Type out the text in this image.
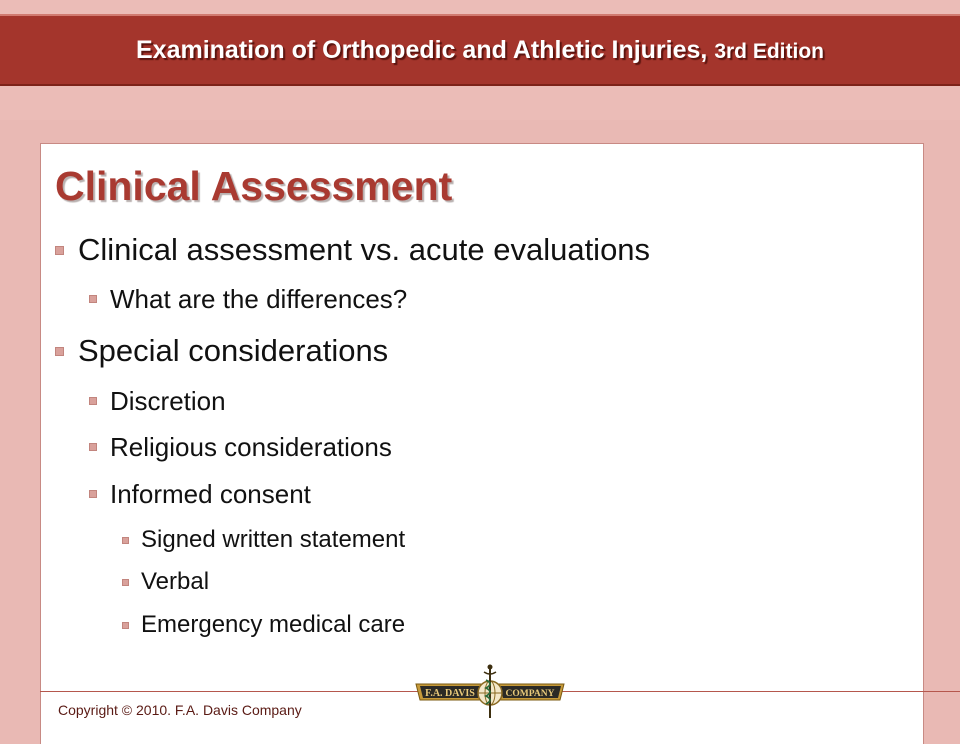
Examination of Orthopedic and Athletic Injuries, 3rd Edition
Clinical Assessment
Clinical assessment vs. acute evaluations
What are the differences?
Special considerations
Discretion
Religious considerations
Informed consent
Signed written statement
Verbal
Emergency medical care
Copyright © 2010. F.A. Davis Company
F.A. DAVIS	COMPANY
